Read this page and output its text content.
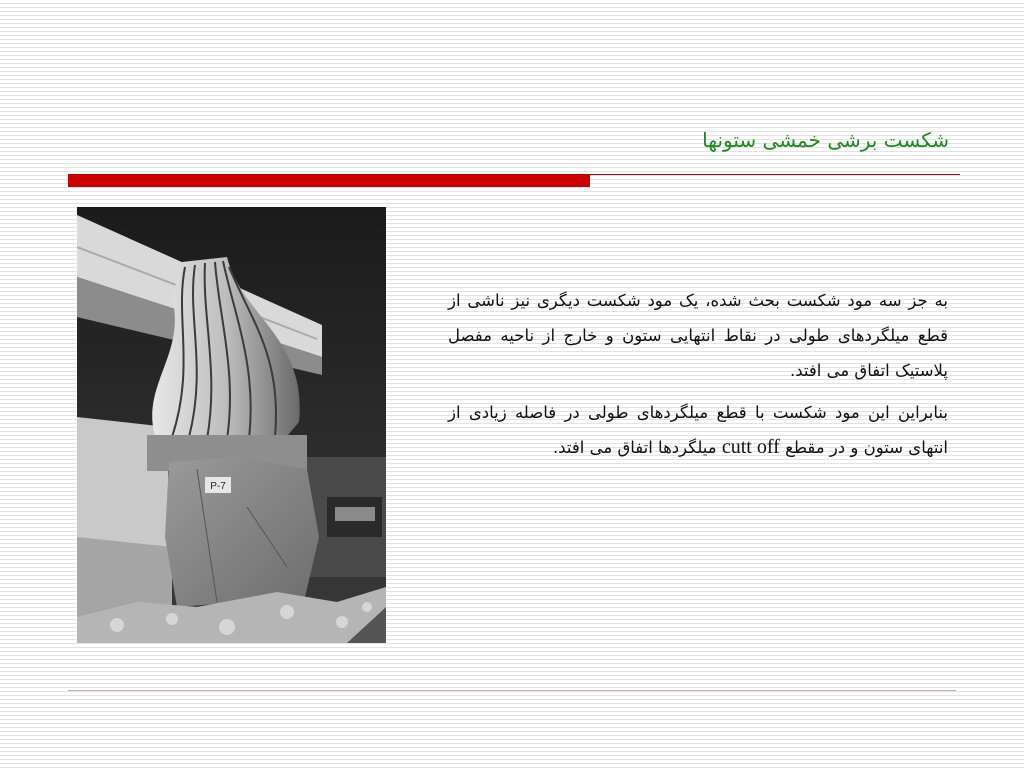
شکست برشی خمشی ستونها
P-7

به جز سه مود شکست بحث شده، یک مود شکست دیگری نیز ناشی از قطع میلگردهای طولی در نقاط انتهایی ستون و خارج از ناحیه مفصل پلاستیک اتفاق می افتد.

بنابراین این مود شکست با قطع میلگردهای طولی در فاصله زیادی از انتهای ستون و در مقطع cutt off میلگردها اتفاق می افتد.
